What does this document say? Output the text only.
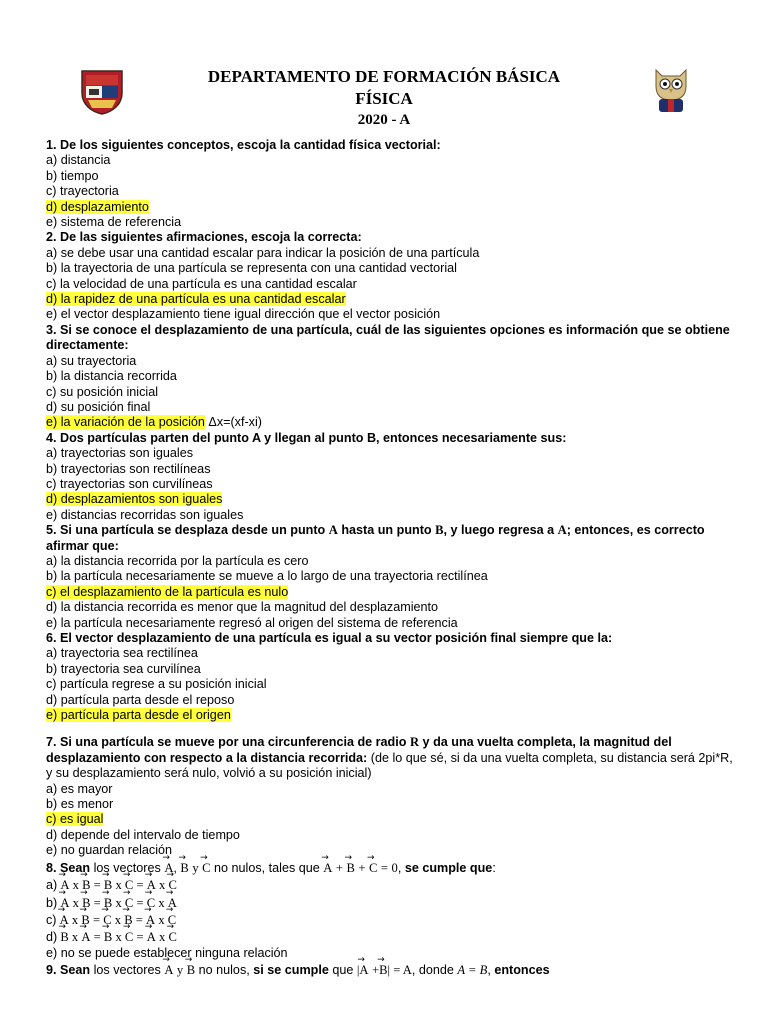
DEPARTAMENTO DE FORMACIÓN BÁSICA
FÍSICA
2020 - A
1. De los siguientes conceptos, escoja la cantidad física vectorial:
a) distancia
b) tiempo
c) trayectoria
d) desplazamiento
e) sistema de referencia
2. De las siguientes afirmaciones, escoja la correcta:
a) se debe usar una cantidad escalar para indicar la posición de una partícula
b) la trayectoria de una partícula se representa con una cantidad vectorial
c) la velocidad de una partícula es una cantidad escalar
d) la rapidez de una partícula es una cantidad escalar
e) el vector desplazamiento tiene igual dirección que el vector posición
3. Si se conoce el desplazamiento de una partícula, cuál de las siguientes opciones es información que se obtiene directamente:
a) su trayectoria
b) la distancia recorrida
c) su posición inicial
d) su posición final
e) la variación de la posición Δx=(xf-xi)
4. Dos partículas parten del punto A y llegan al punto B, entonces necesariamente sus:
a) trayectorias son iguales
b) trayectorias son rectilíneas
c) trayectorias son curvilíneas
d) desplazamientos son iguales
e) distancias recorridas son iguales
5. Si una partícula se desplaza desde un punto A hasta un punto B, y luego regresa a A; entonces, es correcto afirmar que:
a) la distancia recorrida por la partícula es cero
b) la partícula necesariamente se mueve a lo largo de una trayectoria rectilínea
c) el desplazamiento de la partícula es nulo
d) la distancia recorrida es menor que la magnitud del desplazamiento
e) la partícula necesariamente regresó al origen del sistema de referencia
6. El vector desplazamiento de una partícula es igual a su vector posición final siempre que la:
a) trayectoria sea rectilínea
b) trayectoria sea curvilínea
c) partícula regrese a su posición inicial
d) partícula parta desde el reposo
e) partícula parta desde el origen
7. Si una partícula se mueve por una circunferencia de radio R y da una vuelta completa, la magnitud del desplazamiento con respecto a la distancia recorrida: (de lo que sé, si da una vuelta completa, su distancia será 2pi*R, y su desplazamiento será nulo, volvió a su posición inicial)
a) es mayor
b) es menor
c) es igual
d) depende del intervalo de tiempo
e) no guardan relación
8. Sean los vectores → A, → B y → C no nulos, tales que → A + → B + → C = 0, se cumple que:
a) → A x → B = → B x → C = → A x → C
b) → A x → B = → B x → C = → C x → A
c) → A x → B = → C x → B = → A x → C
d) → B x → A = → B x → C = → A x → C
e) no se puede establecer ninguna relación
9. Sean los vectores → A y → B no nulos, si se cumple que |→ A +→ B| = A, donde A = B, entonces
